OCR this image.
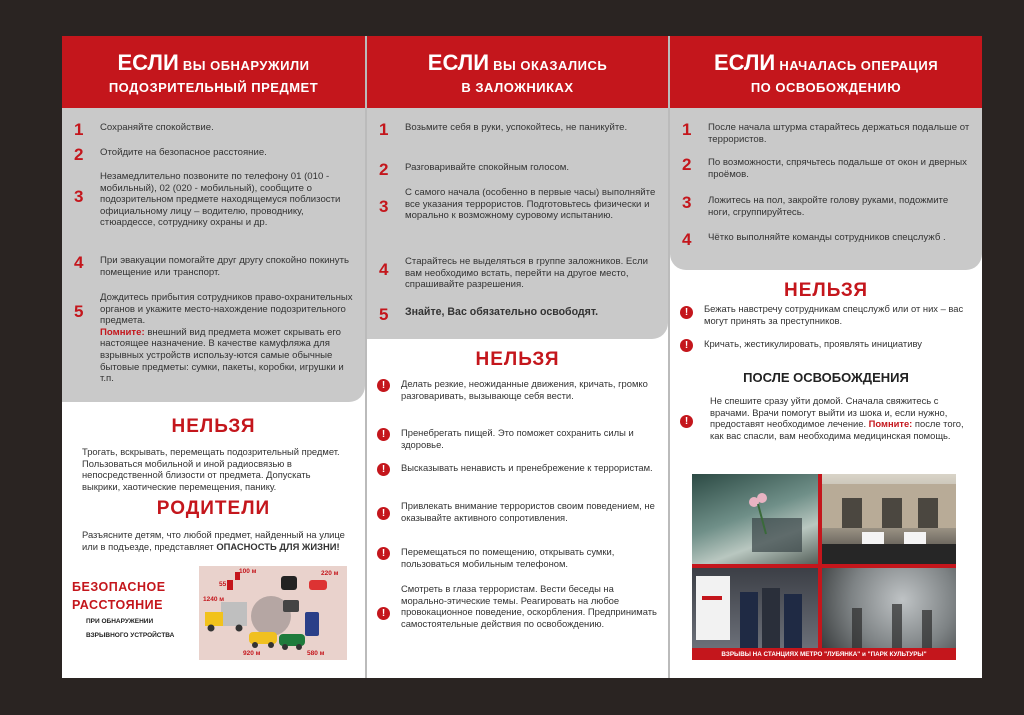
ЕСЛИ ВЫ ОБНАРУЖИЛИ
ПОДОЗРИТЕЛЬНЫЙ ПРЕДМЕТ
1 Сохраняйте спокойствие.
2 Отойдите на безопасное расстояние.
3
Незамедлительно позвоните по телефону 01 (010 - мобильный), 02 (020 - мобильный), сообщите о подозрительном предмете находящемуся поблизости официальному лицу – водителю, проводнику, стюардессе, сотруднику охраны и др.
4 При эвакуации помогайте друг другу спокойно покинуть помещение или транспорт.
5
Дождитесь прибытия сотрудников право-охранительных органов и укажите место-нахождение подозрительного предмета.
Помните: внешний вид предмета может скрывать его настоящее назначение. В качестве камуфляжа для взрывных устройств использу-ются самые обычные бытовые предметы: сумки, пакеты, коробки, игрушки и т.п.
НЕЛЬЗЯ
Трогать, вскрывать, перемещать подозрительный предмет. Пользоваться мобильной и иной радиосвязью в непосредственной близости от предмета. Допускать выкрики, хаотические перемещения, панику.
РОДИТЕЛИ
Разъясните детям, что любой предмет, найденный на улице или в подъезде, представляет ОПАСНОСТЬ ДЛЯ ЖИЗНИ!
БЕЗОПАСНОЕ
РАССТОЯНИЕ
ПРИ ОБНАРУЖЕНИИ
ВЗРЫВНОГО УСТРОЙСТВА
100 м
55 м
220 м
1240 м
920 м	580 м
ЕСЛИ ВЫ ОКАЗАЛИСЬ
В ЗАЛОЖНИКАХ
1 Возьмите себя в руки, успокойтесь, не паникуйте.
2 Разговаривайте спокойным голосом.
3
С самого начала (особенно в первые часы) выполняйте все указания террористов. Подготовьтесь физически и морально к возможному суровому испытанию.
4 Старайтесь не выделяться в группе заложников. Если вам необходимо встать, перейти на другое место, спрашивайте разрешения.
5 Знайте, Вас обязательно освободят.
НЕЛЬЗЯ
!	Делать резкие, неожиданные движения, кричать, громко разговаривать, вызывающе себя вести.
!	Пренебрегать пищей. Это поможет сохранить силы и здоровье.
!	Высказывать ненависть и пренебрежение к террористам.
!
Привлекать внимание террористов своим поведением, не оказывайте активного сопротивления.
!	Перемещаться по помещению, открывать сумки, пользоваться мобильным телефоном.
!
Смотреть в глаза террористам. Вести беседы на морально-этические темы. Реагировать на любое провокационное поведение, оскорбления. Предпринимать самостоятельные действия по освобождению.
ЕСЛИ НАЧАЛАСЬ ОПЕРАЦИЯ
ПО ОСВОБОЖДЕНИЮ
1 После начала штурма старайтесь держаться подальше от террористов.
2 По возможности, спрячьтесь подальше от окон и дверных проёмов.
3 Ложитесь на пол, закройте голову руками, подожмите ноги, сгруппируйтесь.
4 Чётко выполняйте команды сотрудников спецслужб .
НЕЛЬЗЯ
!	Бежать навстречу сотрудникам спецслужб или от них – вас могут принять за преступников.
!	Кричать, жестикулировать, проявлять инициативу
ПОСЛЕ ОСВОБОЖДЕНИЯ
!
Не спешите сразу уйти домой. Сначала свяжитесь с врачами. Врачи помогут выйти из шока и, если нужно, предоставят необходимое лечение. Помните: после того, как вас спасли, вам необходима медицинская помощь.
ВЗРЫВЫ НА СТАНЦИЯХ МЕТРО "ЛУБЯНКА" и "ПАРК КУЛЬТУРЫ"
